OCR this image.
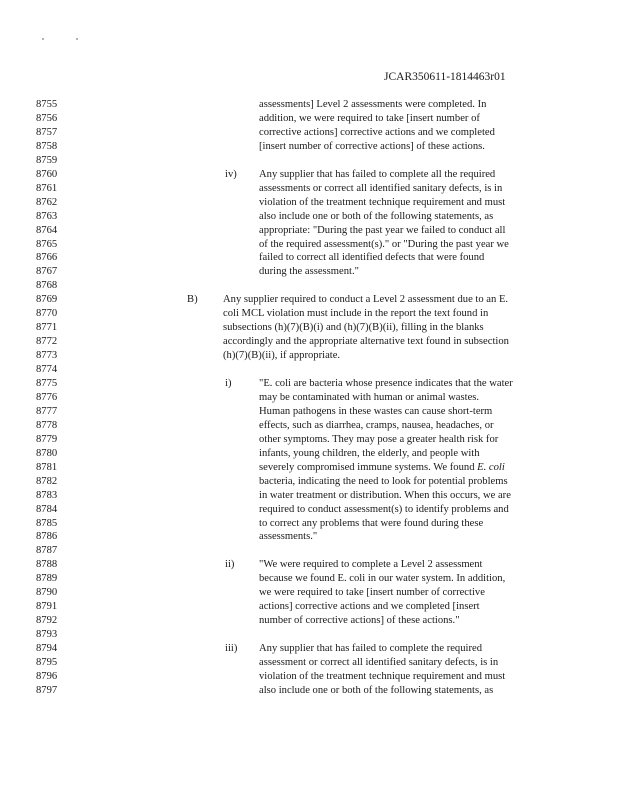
JCAR350611-1814463r01
8755
8756
8757
8758
8759
8760
8761
8762
8763
8764
8765
8766
8767
8768
8769
8770
8771
8772
8773
8774
8775
8776
8777
8778
8779
8780
8781
8782
8783
8784
8785
8786
8787
8788
8789
8790
8791
8792
8793
8794
8795
8796
8797
assessments] Level 2 assessments were completed. In
addition, we were required to take [insert number of
corrective actions] corrective actions and we completed
[insert number of corrective actions] of these actions.
iv) Any supplier that has failed to complete all the required
assessments or correct all identified sanitary defects, is in
violation of the treatment technique requirement and must
also include one or both of the following statements, as
appropriate: "During the past year we failed to conduct all
of the required assessment(s)." or "During the past year we
failed to correct all identified defects that were found
during the assessment."
B) Any supplier required to conduct a Level 2 assessment due to an E.
coli MCL violation must include in the report the text found in
subsections (h)(7)(B)(i) and (h)(7)(B)(ii), filling in the blanks
accordingly and the appropriate alternative text found in subsection
(h)(7)(B)(ii), if appropriate.
i)	"E. coli are bacteria whose presence indicates that the water
may be contaminated with human or animal wastes.
Human pathogens in these wastes can cause short-term
effects, such as diarrhea, cramps, nausea, headaches, or
other symptoms. They may pose a greater health risk for
infants, young children, the elderly, and people with
severely compromised immune systems. We found E. coli
bacteria, indicating the need to look for potential problems
in water treatment or distribution. When this occurs, we are
required to conduct assessment(s) to identify problems and
to correct any problems that were found during these
assessments."
ii) "We were required to complete a Level 2 assessment
because we found E. coli in our water system. In addition,
we were required to take [insert number of corrective
actions] corrective actions and we completed [insert
number of corrective actions] of these actions."
iii) Any supplier that has failed to complete the required
assessment or correct all identified sanitary defects, is in
violation of the treatment technique requirement and must
also include one or both of the following statements, as
